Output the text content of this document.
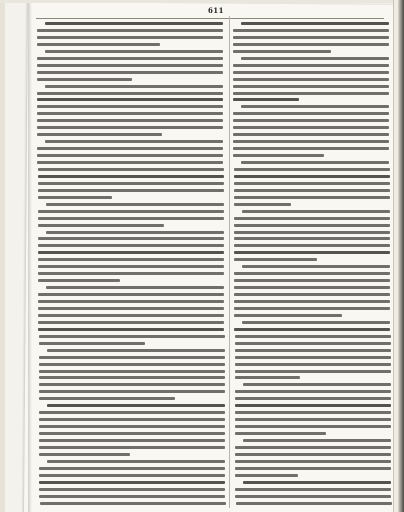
611
